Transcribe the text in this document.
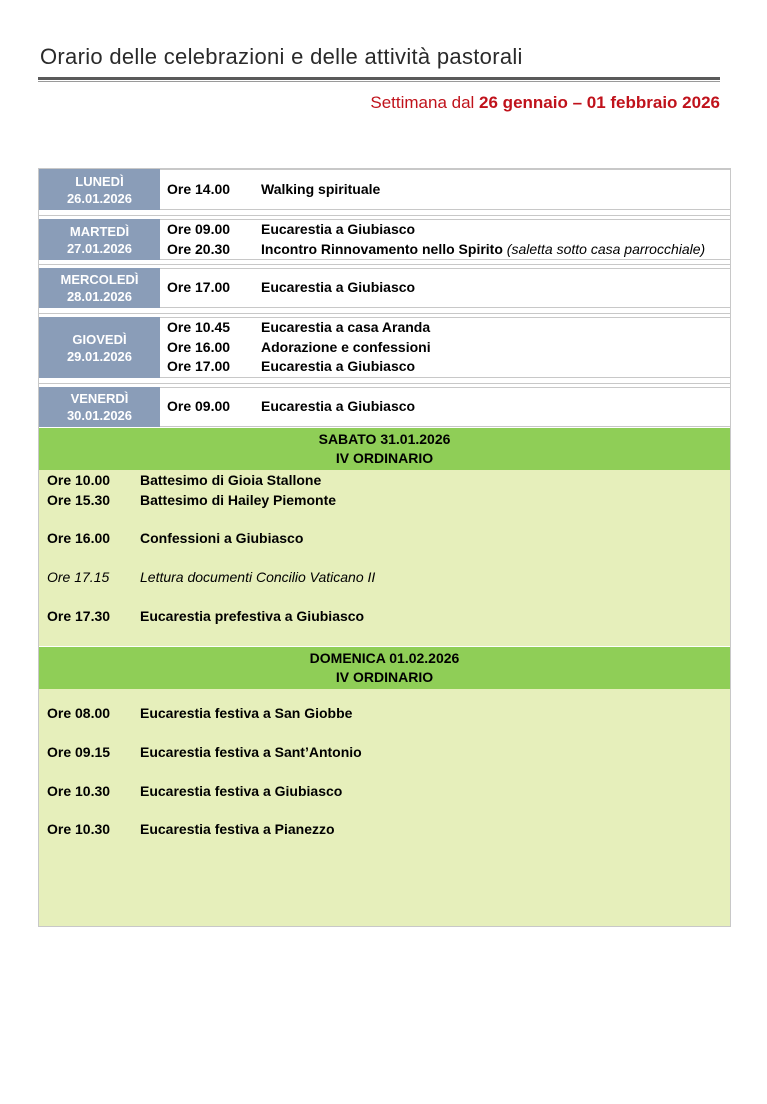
Orario delle celebrazioni e delle attività pastorali
Settimana dal 26 gennaio – 01 febbraio 2026
LUNEDÌ
26.01.2026
Ore 14.00	Walking spirituale
MARTEDÌ
27.01.2026
Ore 09.00	Eucarestia a Giubiasco
Ore 20.30	Incontro Rinnovamento nello Spirito
(saletta sotto casa parrocchiale)
MERCOLEDÌ
28.01.2026
Ore 17.00	Eucarestia a Giubiasco
GIOVEDÌ
29.01.2026
Ore 10.45	Eucarestia a casa Aranda
Ore 16.00	Adorazione e confessioni
Ore 17.00	Eucarestia a Giubiasco
VENERDÌ
30.01.2026
Ore 09.00	Eucarestia a Giubiasco
SABATO 31.01.2026
IV ORDINARIO
Ore 10.00	Battesimo di Gioia Stallone
Ore 15.30	Battesimo di Hailey Piemonte
Ore 16.00	Confessioni a Giubiasco
Ore 17.15	Lettura documenti Concilio Vaticano II
Ore 17.30	Eucarestia prefestiva a Giubiasco
DOMENICA 01.02.2026
IV ORDINARIO
Ore 08.00	Eucarestia festiva a San Giobbe
Ore 09.15	Eucarestia festiva a Sant’Antonio
Ore 10.30	Eucarestia festiva a Giubiasco
Ore 10.30	Eucarestia festiva a Pianezzo
